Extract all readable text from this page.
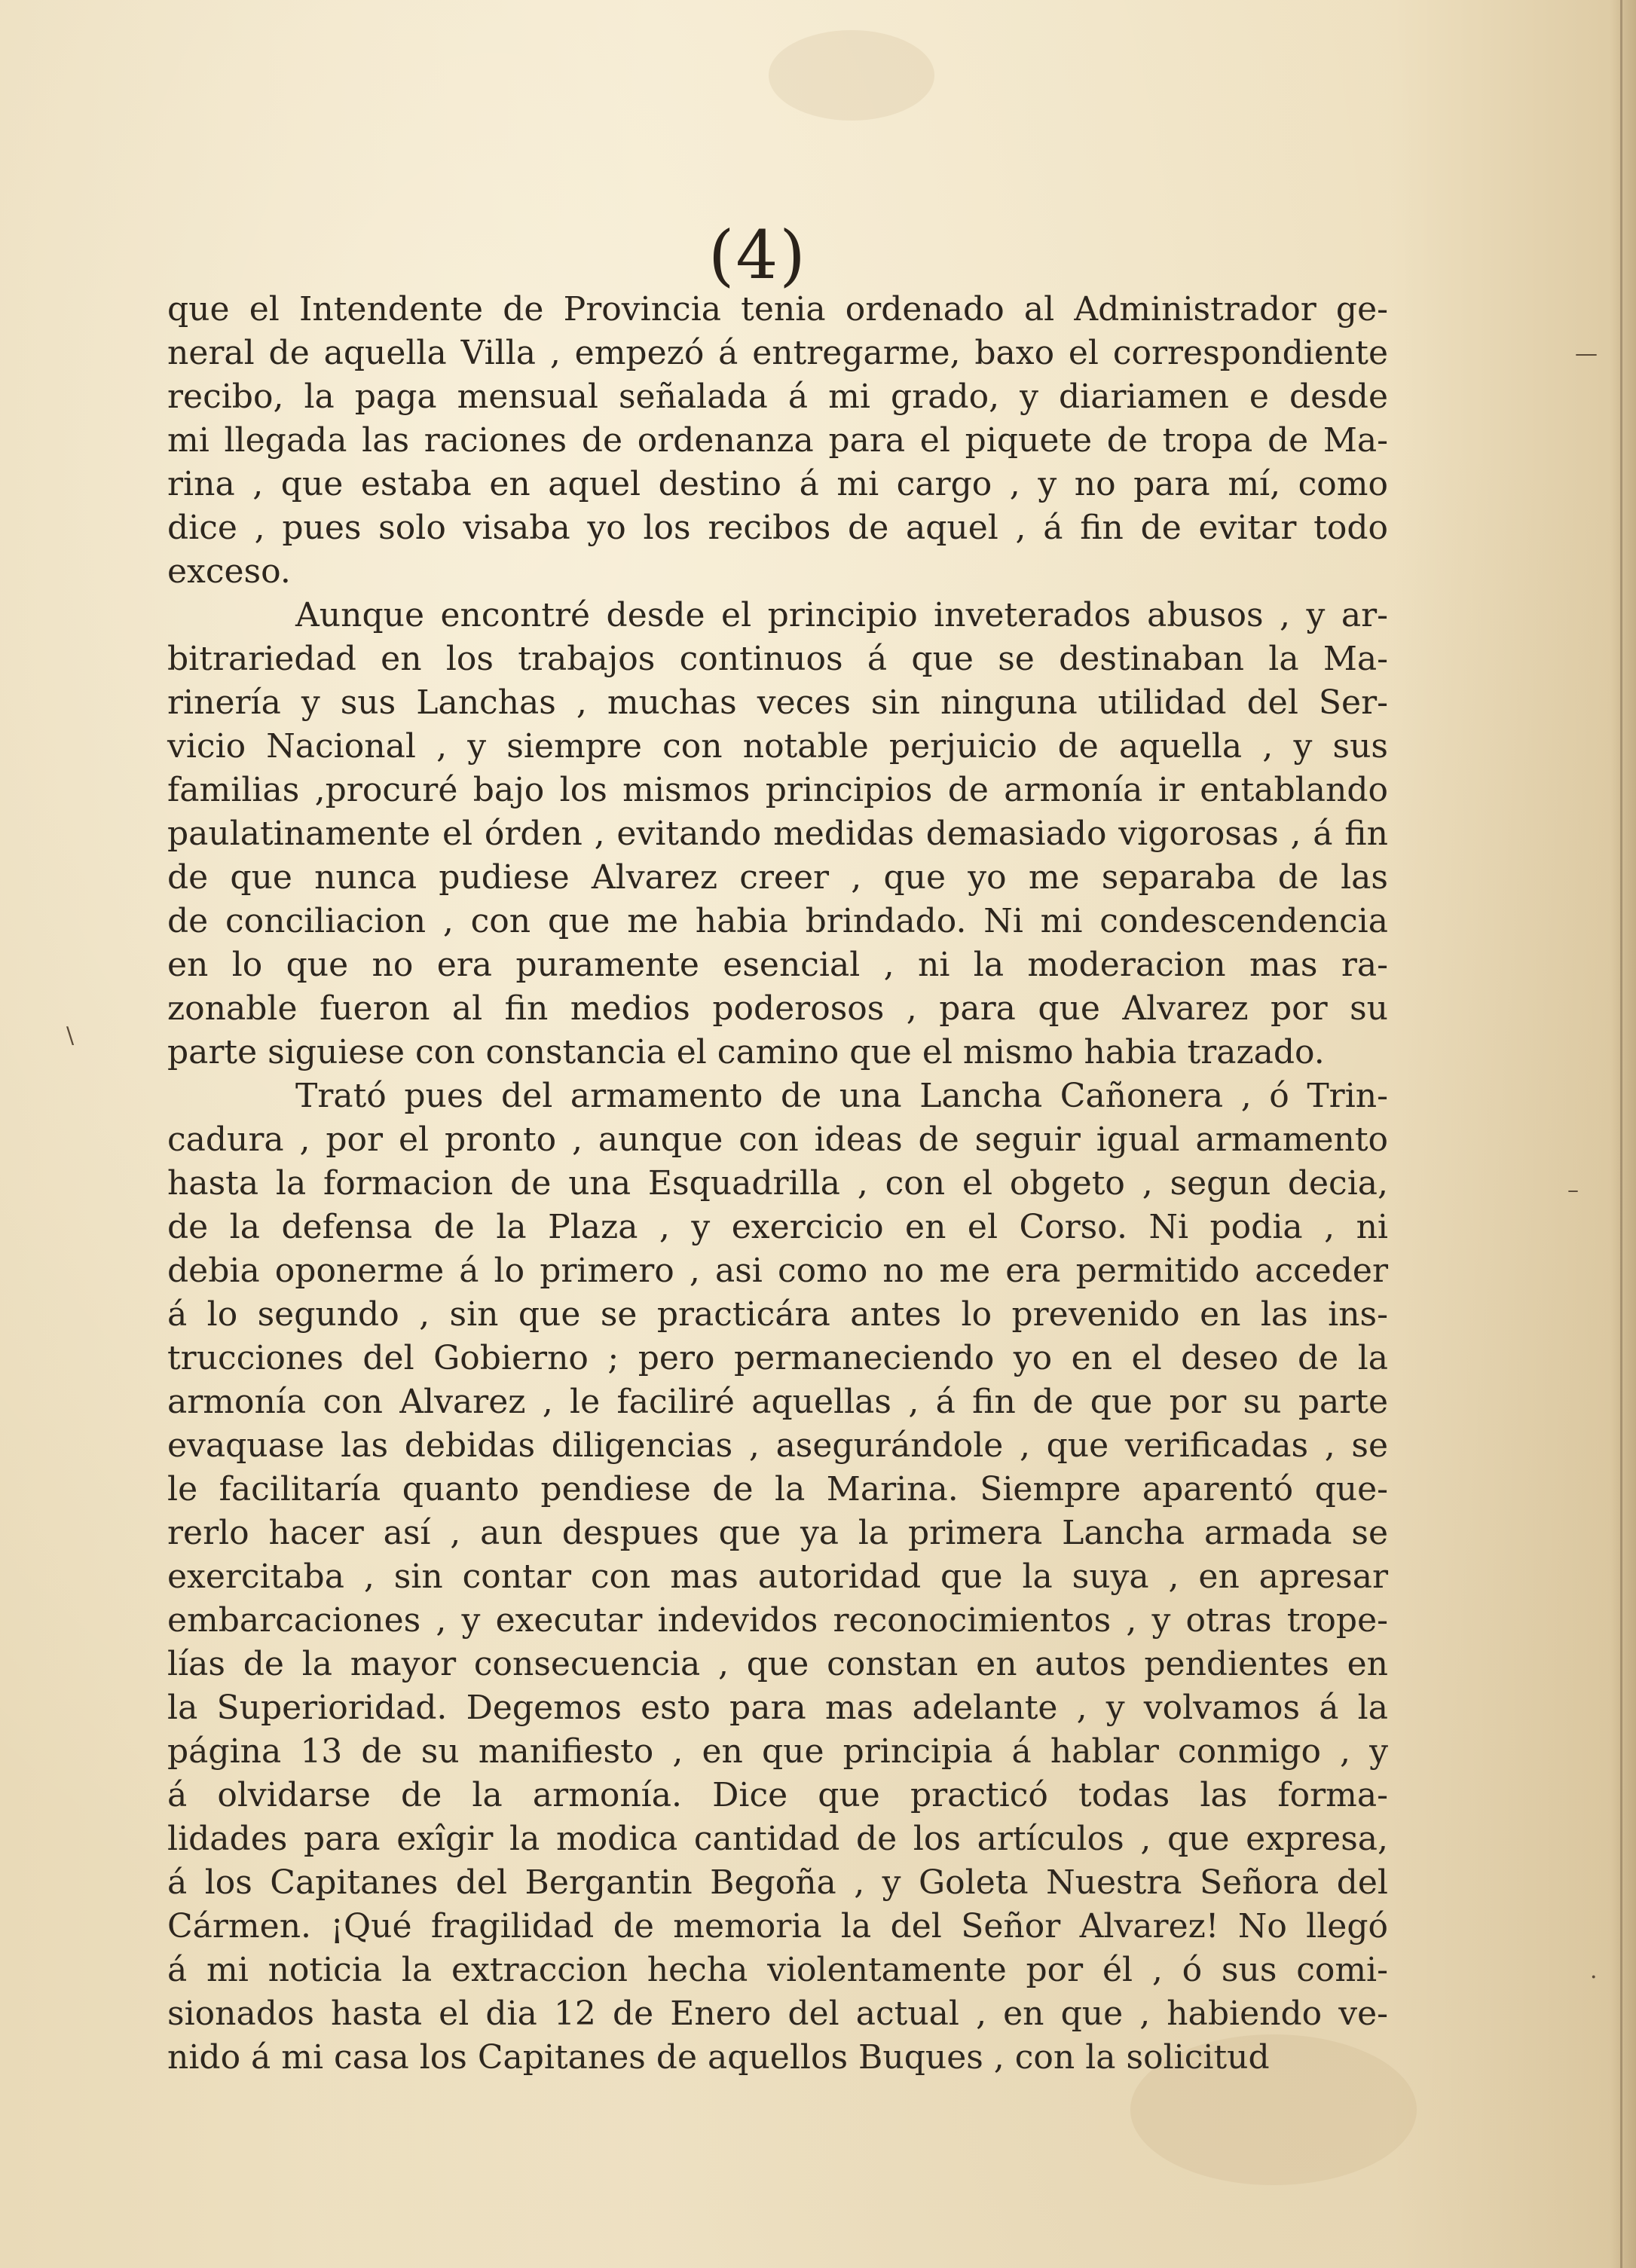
—
\
–
·
(4)
que el Intendente de Provincia tenia ordenado al Administrador ge-
neral de aquella Villa , empezó á entregarme, baxo el correspondiente
recibo, la paga mensual señalada á mi grado, y diariamen e desde
mi llegada las raciones de ordenanza para el piquete de tropa de Ma-
rina , que estaba en aquel destino á mi cargo , y no para mí, como
dice , pues solo visaba yo los recibos de aquel , á fin de evitar todo
exceso.
Aunque encontré desde el principio inveterados abusos , y ar-
bitrariedad en los trabajos continuos á que se destinaban la Ma-
rinería y sus Lanchas , muchas veces sin ninguna utilidad del Ser-
vicio Nacional , y siempre con notable perjuicio de aquella , y sus
familias ,procuré bajo los mismos principios de armonía ir entablando
paulatinamente el órden , evitando medidas demasiado vigorosas , á fin
de que nunca pudiese Alvarez creer , que yo me separaba de las
de conciliacion , con que me habia brindado. Ni mi condescendencia
en lo que no era puramente esencial , ni la moderacion mas ra-
zonable fueron al fin medios poderosos , para que Alvarez por su
parte siguiese con constancia el camino que el mismo habia trazado.
Trató pues del armamento de una Lancha Cañonera , ó Trin-
cadura , por el pronto , aunque con ideas de seguir igual armamento
hasta la formacion de una Esquadrilla , con el obgeto , segun decia,
de la defensa de la Plaza , y exercicio en el Corso. Ni podia , ni
debia oponerme á lo primero , asi como no me era permitido acceder
á lo segundo , sin que se practicára antes lo prevenido en las ins-
trucciones del Gobierno ; pero permaneciendo yo en el deseo de la
armonía con Alvarez , le faciliré aquellas , á fin de que por su parte
evaquase las debidas diligencias , asegurándole , que verificadas , se
le facilitaría quanto pendiese de la Marina. Siempre aparentó que-
rerlo hacer así , aun despues que ya la primera Lancha armada se
exercitaba , sin contar con mas autoridad que la suya , en apresar
embarcaciones , y executar indevidos reconocimientos , y otras trope-
lías de la mayor consecuencia , que constan en autos pendientes en
la Superioridad. Degemos esto para mas adelante , y volvamos á la
página 13 de su manifiesto , en que principia á hablar conmigo , y
á olvidarse de la armonía. Dice que practicó todas las forma-
lidades para exîgir la modica cantidad de los artículos , que expresa,
á los Capitanes del Bergantin Begoña , y Goleta Nuestra Señora del
Cármen. ¡Qué fragilidad de memoria la del Señor Alvarez! No llegó
á mi noticia la extraccion hecha violentamente por él , ó sus comi-
sionados hasta el dia 12 de Enero del actual , en que , habiendo ve-
nido á mi casa los Capitanes de aquellos Buques , con la solicitud
